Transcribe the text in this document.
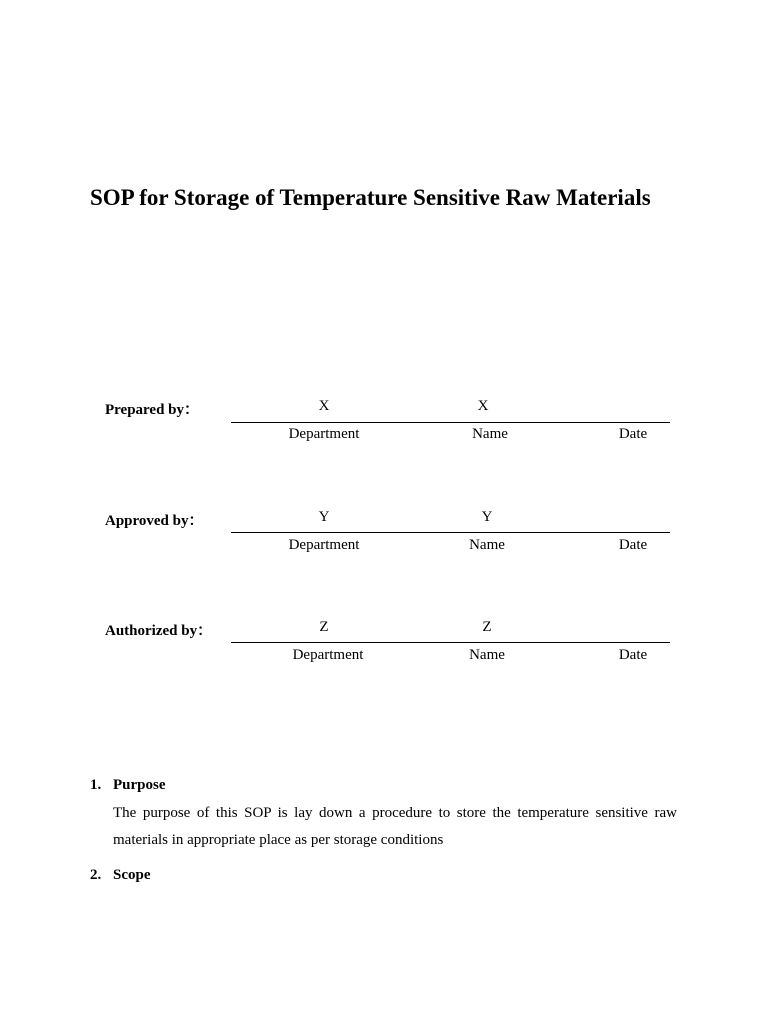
SOP for Storage of Temperature Sensitive Raw Materials
Prepared by：	X	X
Department	Name	Date
Approved by：	Y	Y
Department	Name	Date
Authorized by：	Z	Z
Department	Name	Date
1. Purpose
The purpose of this SOP is lay down a procedure to store the temperature sensitive raw materials in appropriate place as per storage conditions
2. Scope
